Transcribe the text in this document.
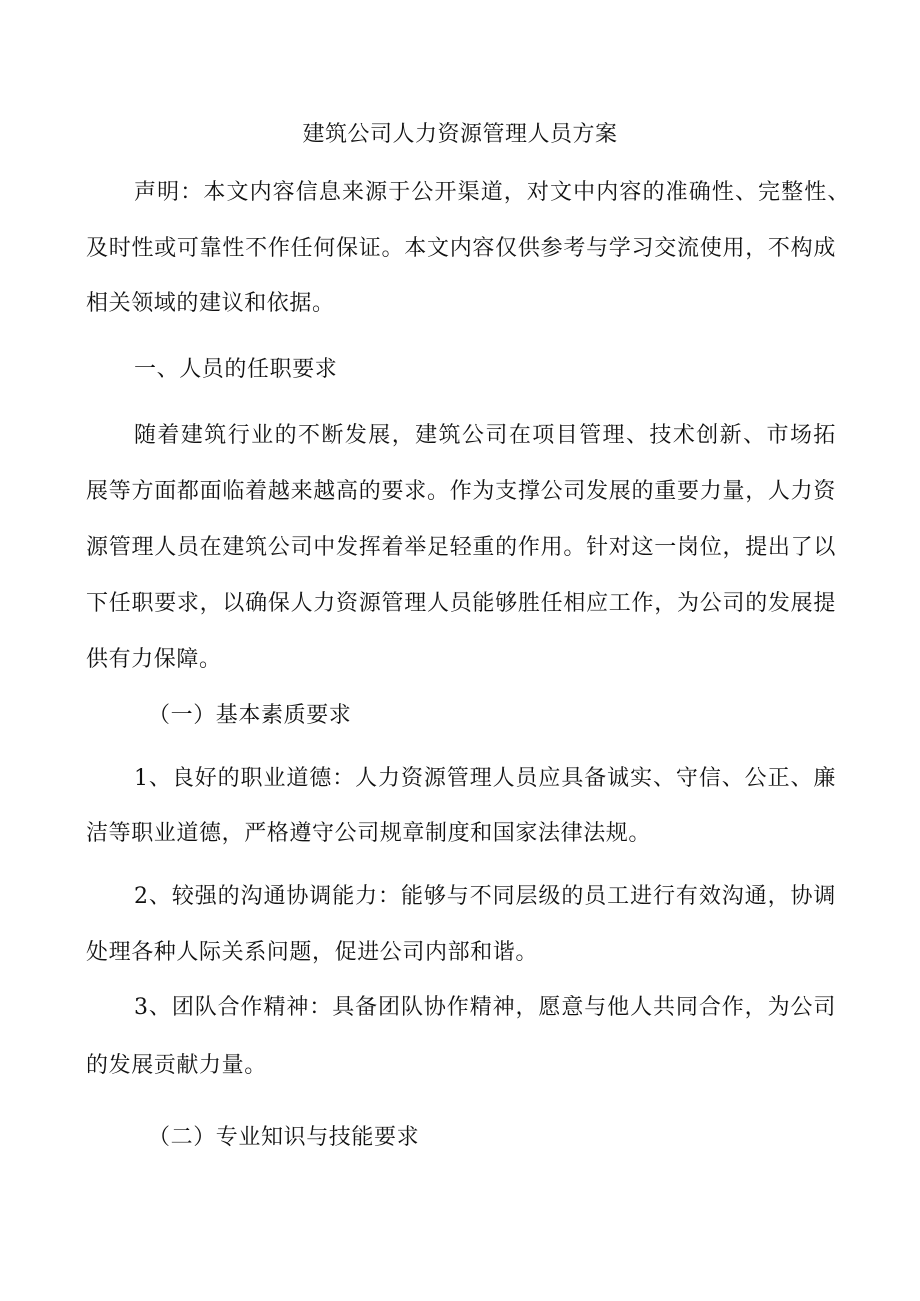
建筑公司人力资源管理人员方案

声明：本文内容信息来源于公开渠道，对文中内容的准确性、完整性、

及时性或可靠性不作任何保证。本文内容仅供参考与学习交流使用，不构成

相关领域的建议和依据。

一、人员的任职要求

随着建筑行业的不断发展，建筑公司在项目管理、技术创新、市场拓

展等方面都面临着越来越高的要求。作为支撑公司发展的重要力量，人力资

源管理人员在建筑公司中发挥着举足轻重的作用。针对这一岗位，提出了以

下任职要求，以确保人力资源管理人员能够胜任相应工作，为公司的发展提

供有力保障。

（一）基本素质要求

1、良好的职业道德：人力资源管理人员应具备诚实、守信、公正、廉

洁等职业道德，严格遵守公司规章制度和国家法律法规。

2、较强的沟通协调能力：能够与不同层级的员工进行有效沟通，协调

处理各种人际关系问题，促进公司内部和谐。

3、团队合作精神：具备团队协作精神，愿意与他人共同合作，为公司

的发展贡献力量。

（二）专业知识与技能要求
